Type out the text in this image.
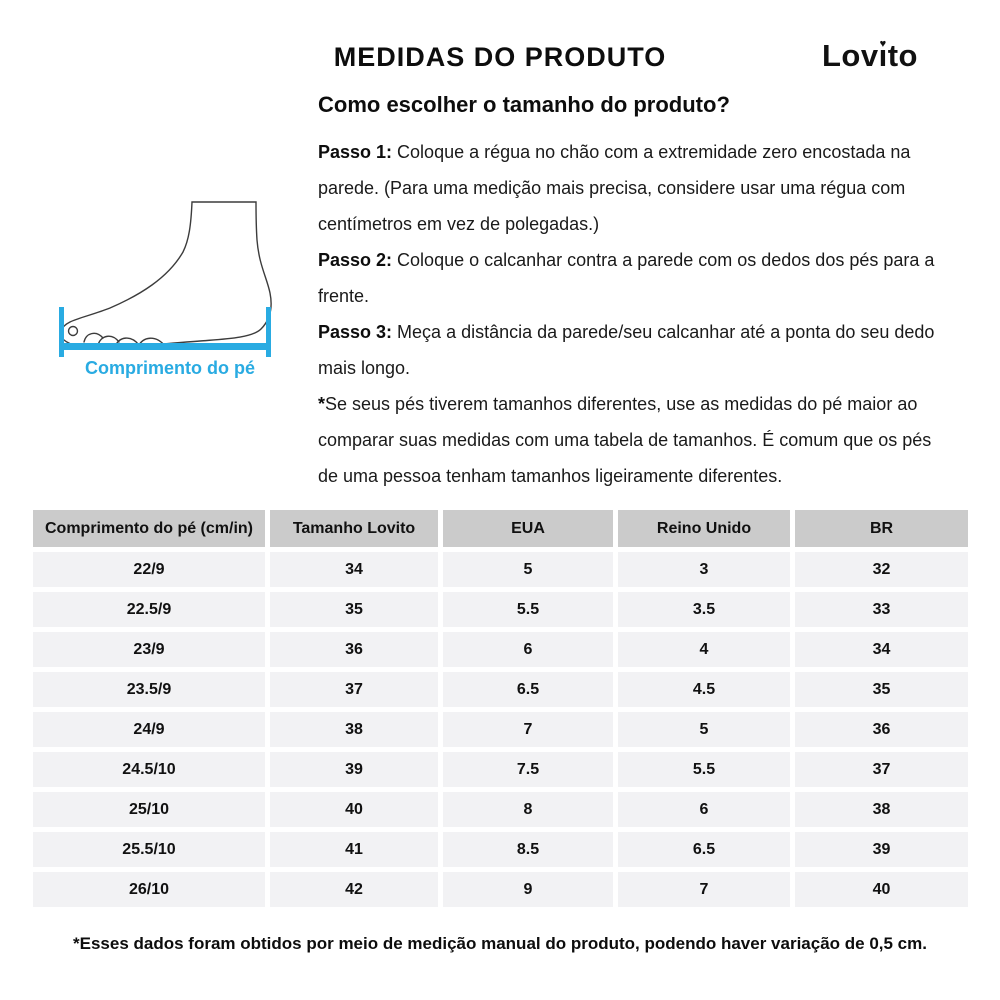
MEDIDAS DO PRODUTO	Lovı ♥to
Como escolher o tamanho do produto?

Passo 1: Coloque a régua no chão com a extremidade zero encostada na parede. (Para uma medição mais precisa, considere usar uma régua com centímetros em vez de polegadas.)

Passo 2: Coloque o calcanhar contra a parede com os dedos dos pés para a frente.

Passo 3: Meça a distância da parede/seu calcanhar até a ponta do seu dedo mais longo.

*Se seus pés tiverem tamanhos diferentes, use as medidas do pé maior ao comparar suas medidas com uma tabela de tamanhos. É comum que os pés de uma pessoa tenham tamanhos ligeiramente diferentes.

Comprimento do pé
Comprimento do pé (cm/in)	Tamanho Lovito	EUA	Reino Unido	BR
22/9	34	5	3	32
22.5/9	35	5.5	3.5	33
23/9	36	6	4	34
23.5/9	37	6.5	4.5	35
24/9	38	7	5	36
24.5/10	39	7.5	5.5	37
25/10	40	8	6	38
25.5/10	41	8.5	6.5	39
26/10	42	9	7	40
*Esses dados foram obtidos por meio de medição manual do produto, podendo haver variação de 0,5 cm.
